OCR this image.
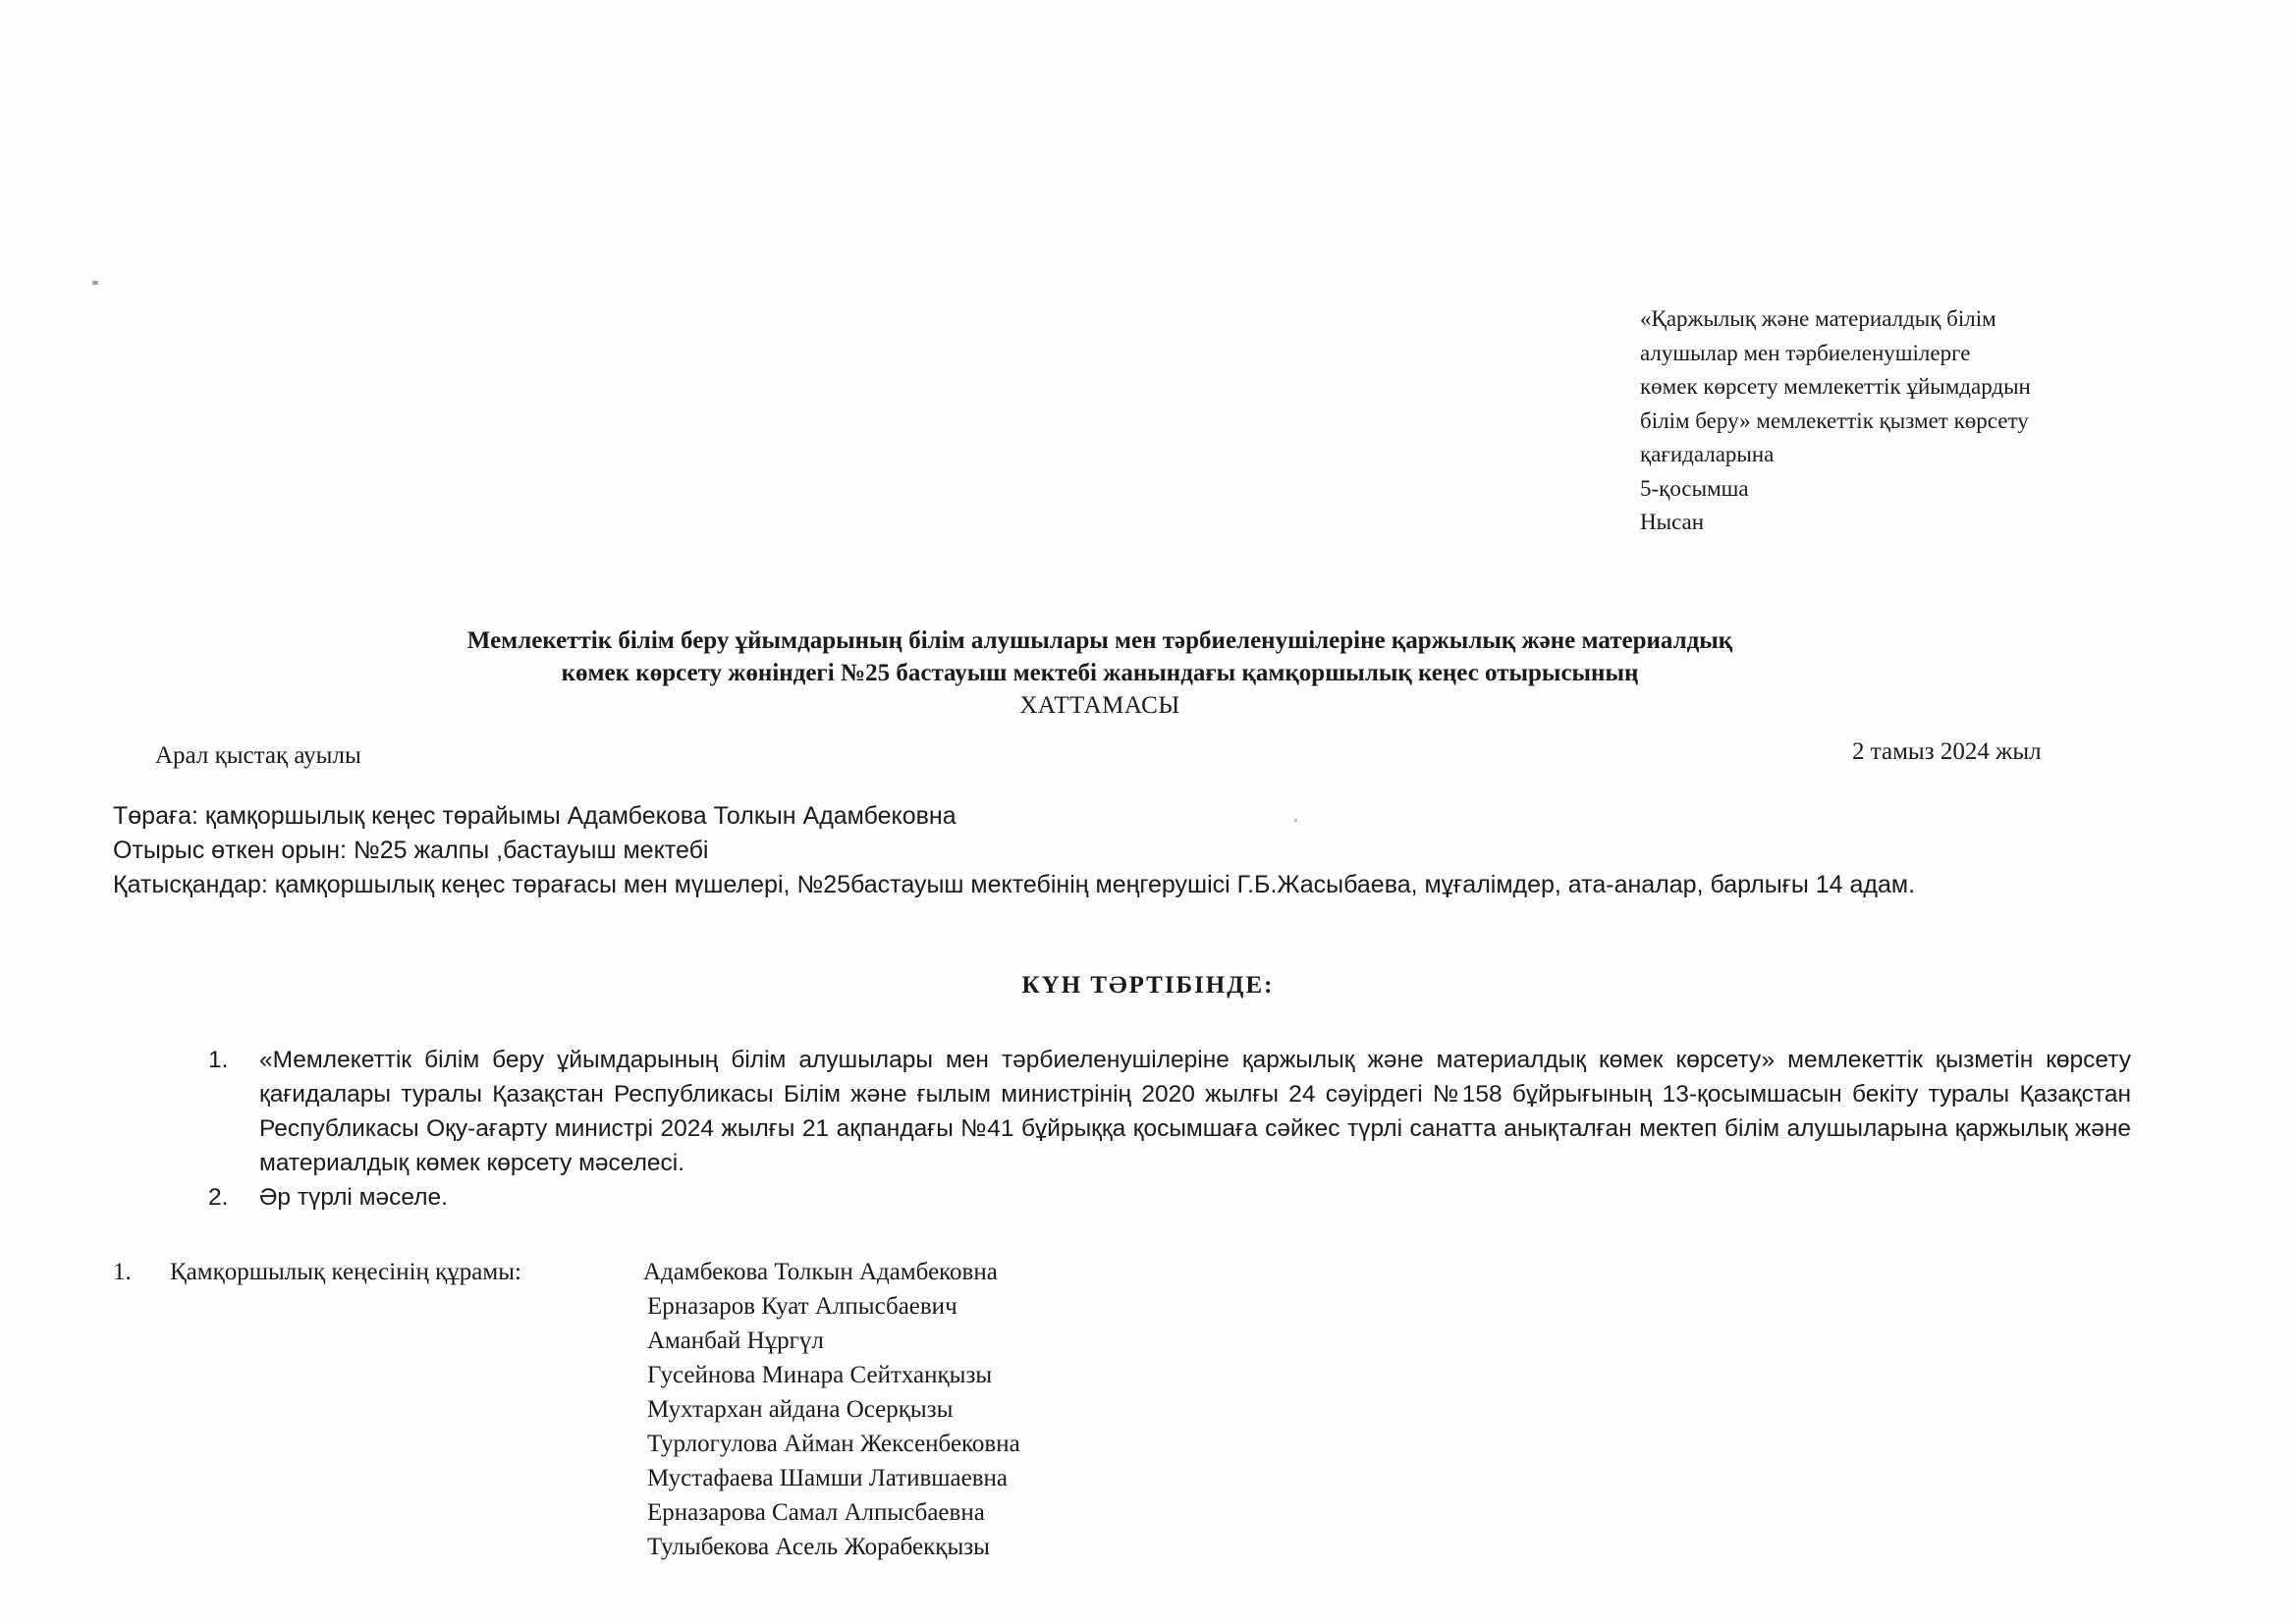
«Қаржылық және материалдық білім
алушылар мен тәрбиеленушілерге
көмек көрсету мемлекеттік ұйымдардын
білім беру» мемлекеттік қызмет көрсету
қағидаларына
5-қосымша
Нысан
Мемлекеттік білім беру ұйымдарының білім алушылары мен тәрбиеленушілеріне қаржылық және материалдық
көмек көрсету жөніндегі №25 бастауыш мектебі жанындағы қамқоршылық кеңес отырысының
ХАТТАМАСЫ
Арал қыстақ ауылы	2 тамыз 2024 жыл

Төраға: қамқоршылық кеңес төрайымы Адамбекова Толкын Адамбековна

Отырыс өткен орын: №25 жалпы ,бастауыш мектебі

Қатысқандар: қамқоршылық кеңес төрағасы мен мүшелері, №25бастауыш мектебінің меңгерушісі Г.Б.Жасыбаева, мұғалімдер, ата-аналар, барлығы 14 адам.

КҮН ТӘРТІБІНДЕ:
1. «Мемлекеттік білім беру ұйымдарының білім алушылары мен тәрбиеленушілеріне қаржылық және материалдық көмек көрсету» мемлекеттік қызметін көрсету қағидалары туралы Қазақстан Республикасы Білім және ғылым министрінің 2020 жылғы 24 сәуірдегі №158 бұйрығының 13-қосымшасын бекіту туралы Қазақстан Республикасы Оқу-ағарту министрі 2024 жылғы 21 ақпандағы №41 бұйрыққа қосымшаға сәйкес түрлі санатта анықталған мектеп білім алушыларына қаржылық және материалдық көмек көрсету мәселесі.
2. Әр түрлі мәселе.
1. Қамқоршылық кеңесінің құрамы:	Адамбекова Толкын Адамбековна
Ерназаров Куат Алпысбаевич
Аманбай Нұргүл
Гусейнова Минара Сейтханқызы
Мухтархан айдана Осерқызы
Турлогулова Айман Жексенбековна
Мустафаева Шамши Латившаевна
Ерназарова Самал Алпысбаевна
Тулыбекова Асель Жорабекқызы
